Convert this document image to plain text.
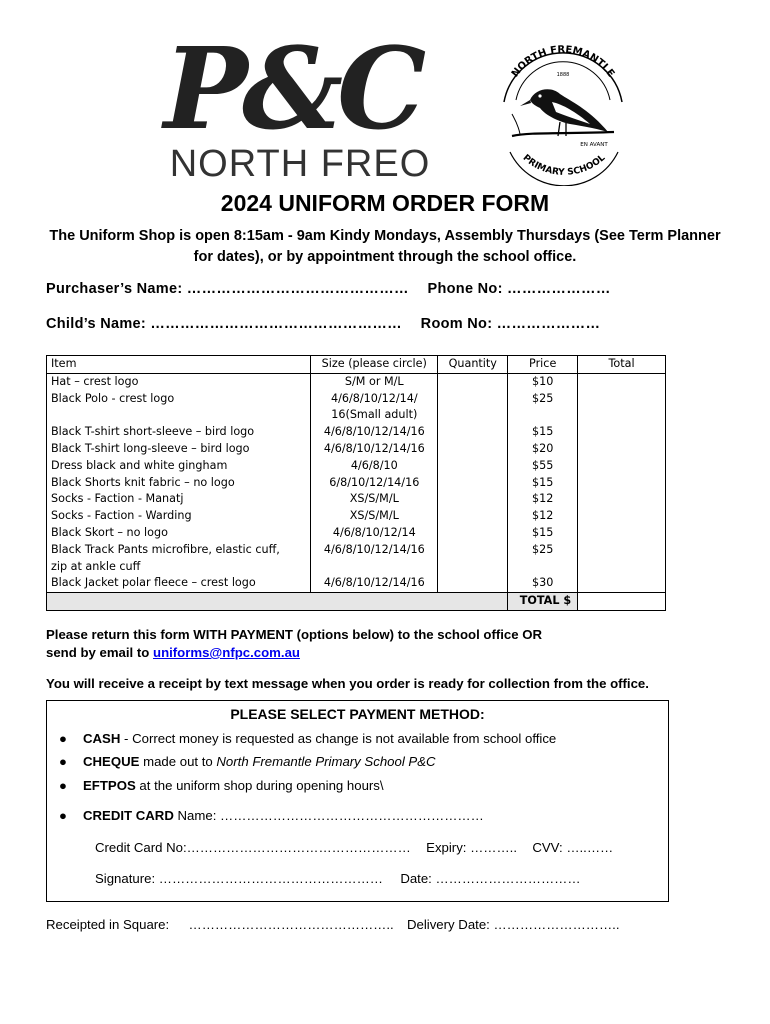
P&C
NORTH FREO
NORTH FREMANTLE
1888
EN AVANT
PRIMARY SCHOOL
2024 UNIFORM ORDER FORM
The Uniform Shop is open 8:15am - 9am Kindy Mondays, Assembly Thursdays (See Term Planner for dates), or by appointment through the school office.
Purchaser’s Name: ……………………………………… Phone No: …………………
Child’s Name: …………………………………………… Room No: …………………
Item	Size (please circle)	Quantity	Price	Total
Hat – crest logo	S/M or M/L		$10	
Black Polo - crest logo	4/6/8/10/12/14/
16(Small adult)		$25	
Black T-shirt short-sleeve – bird logo	4/6/8/10/12/14/16		$15	
Black T-shirt long-sleeve – bird logo	4/6/8/10/12/14/16		$20	
Dress black and white gingham	4/6/8/10		$55	
Black Shorts knit fabric – no logo	6/8/10/12/14/16		$15	
Socks - Faction - Manatj	XS/S/M/L		$12	
Socks - Faction - Warding	XS/S/M/L		$12	
Black Skort – no logo	4/6/8/10/12/14		$15	
Black Track Pants microfibre, elastic cuff,
zip at ankle cuff	4/6/8/10/12/14/16		$25	
Black Jacket polar fleece – crest logo	4/6/8/10/12/14/16		$30	
			TOTAL $	
Please return this form WITH PAYMENT (options below) to the school office OR
send by email to uniforms@nfpc.com.au
You will receive a receipt by text message when you order is ready for collection from the office.
PLEASE SELECT PAYMENT METHOD:
● CASH - Correct money is requested as change is not available from school office
● CHEQUE made out to North Fremantle Primary School P&C
● EFTPOS at the uniform shop during opening hours\
● CREDIT CARD Name: ……………………………………………………
Credit Card No:…………………………………………… Expiry: ……….. CVV: …..……
Signature: …………………………………………… Date: ……………………………
Receipted in Square: ……………………………………….. Delivery Date: ………………………..
